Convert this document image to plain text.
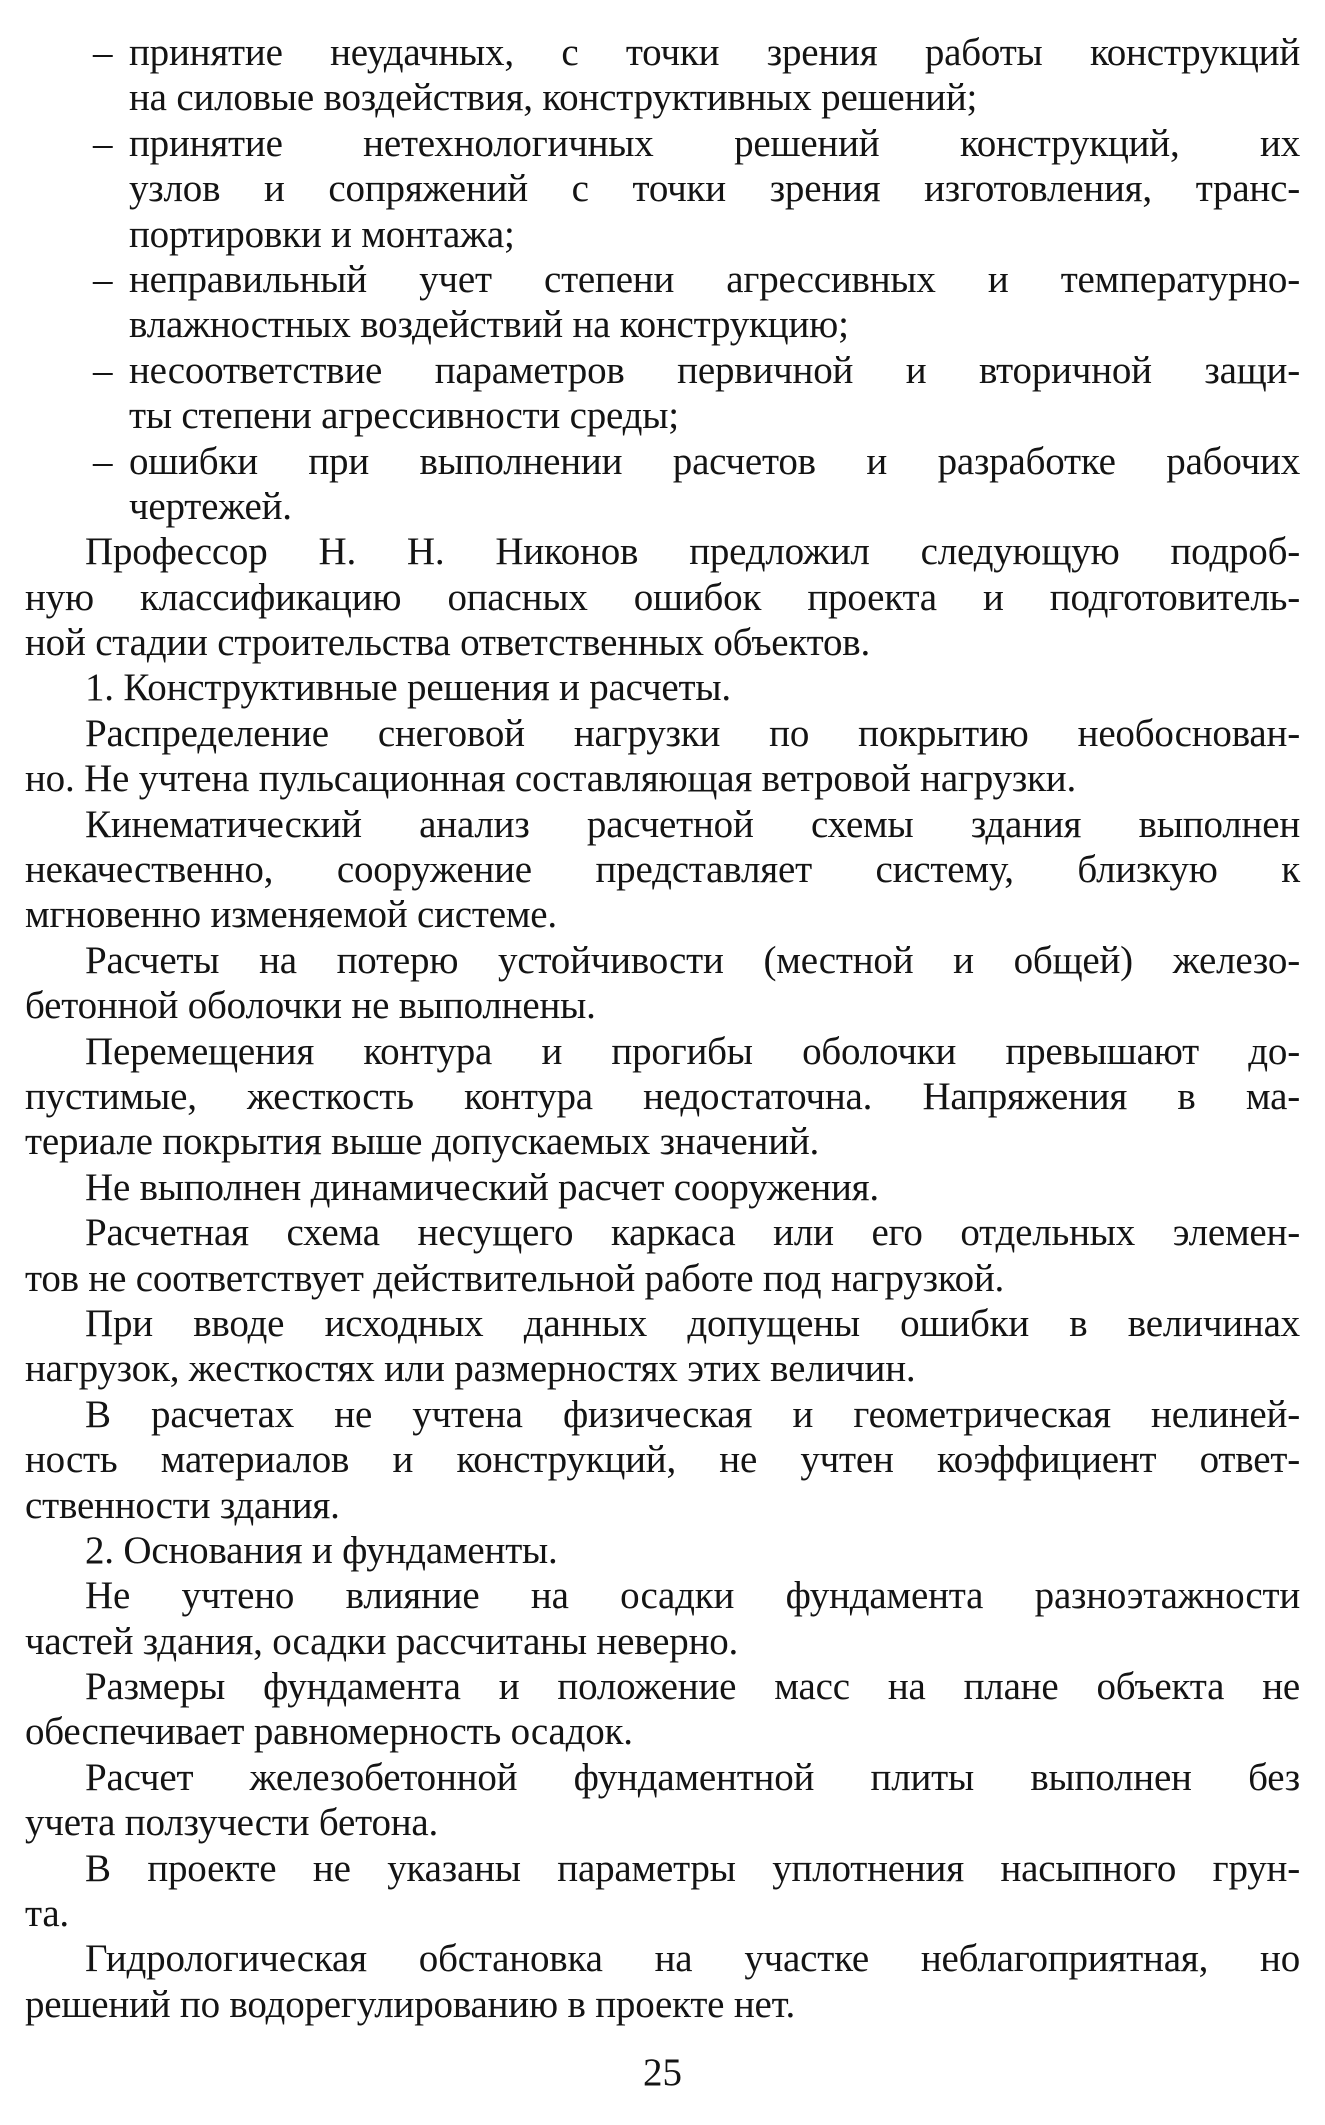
– принятие неудачных, с точки зрения работы конструкций
на силовые воздействия, конструктивных решений;
– принятие нетехнологичных решений конструкций, их
узлов и сопряжений с точки зрения изготовления, транс-
портировки и монтажа;
– неправильный учет степени агрессивных и температурно-
влажностных воздействий на конструкцию;
– несоответствие параметров первичной и вторичной защи-
ты степени агрессивности среды;
– ошибки при выполнении расчетов и разработке рабочих
чертежей.
Профессор Н. Н. Никонов предложил следующую подроб-
ную классификацию опасных ошибок проекта и подготовитель-
ной стадии строительства ответственных объектов.
1. Конструктивные решения и расчеты.
Распределение снеговой нагрузки по покрытию необоснован-
но. Не учтена пульсационная составляющая ветровой нагрузки.
Кинематический анализ расчетной схемы здания выполнен
некачественно, сооружение представляет систему, близкую к
мгновенно изменяемой системе.
Расчеты на потерю устойчивости (местной и общей) железо-
бетонной оболочки не выполнены.
Перемещения контура и прогибы оболочки превышают до-
пустимые, жесткость контура недостаточна. Напряжения в ма-
териале покрытия выше допускаемых значений.
Не выполнен динамический расчет сооружения.
Расчетная схема несущего каркаса или его отдельных элемен-
тов не соответствует действительной работе под нагрузкой.
При вводе исходных данных допущены ошибки в величинах
нагрузок, жесткостях или размерностях этих величин.
В расчетах не учтена физическая и геометрическая нелиней-
ность материалов и конструкций, не учтен коэффициент ответ-
ственности здания.
2. Основания и фундаменты.
Не учтено влияние на осадки фундамента разноэтажности
частей здания, осадки рассчитаны неверно.
Размеры фундамента и положение масс на плане объекта не
обеспечивает равномерность осадок.
Расчет железобетонной фундаментной плиты выполнен без
учета ползучести бетона.
В проекте не указаны параметры уплотнения насыпного грун-
та.
Гидрологическая обстановка на участке неблагоприятная, но
решений по водорегулированию в проекте нет.
25
